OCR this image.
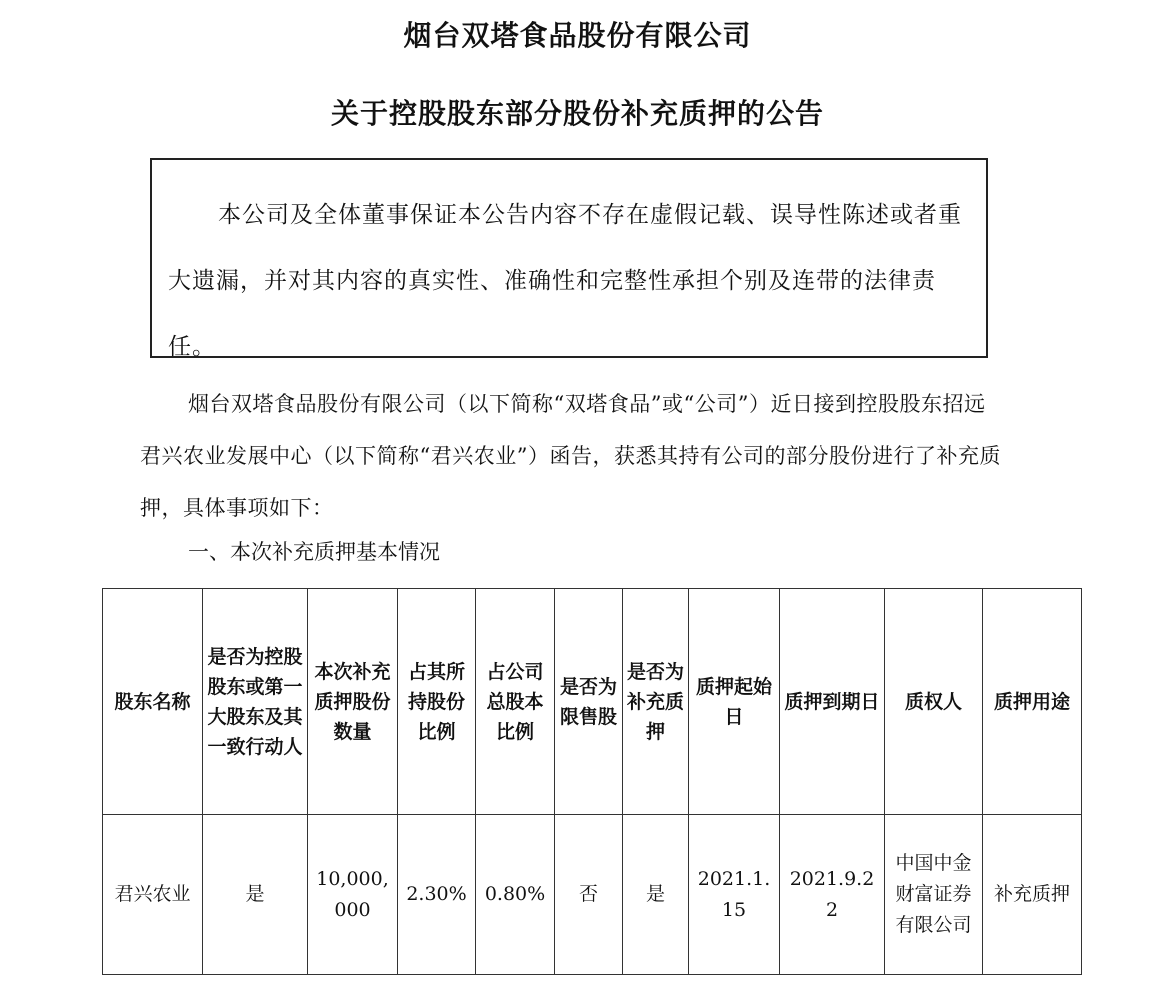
烟台双塔食品股份有限公司
关于控股股东部分股份补充质押的公告

本公司及全体董事保证本公告内容不存在虚假记载、误导性陈述或者重大遗漏，并对其内容的真实性、准确性和完整性承担个别及连带的法律责任。

烟台双塔食品股份有限公司（以下简称“双塔食品”或“公司”）近日接到控股股东招远君兴农业发展中心（以下简称“君兴农业”）函告，获悉其持有公司的部分股份进行了补充质押，具体事项如下：

一、本次补充质押基本情况

股东名称	是否为控股股东或第一大股东及其一致行动人	本次补充质押股份数量	占其所持股份比例	占公司总股本比例	是否为限售股	是否为补充质押	质押起始日	质押到期日	质权人	质押用途
君兴农业	是	10,000,000	2.30%	0.80%	否	是	2021.1.15	2021.9.22	中国中金财富证券有限公司	补充质押
